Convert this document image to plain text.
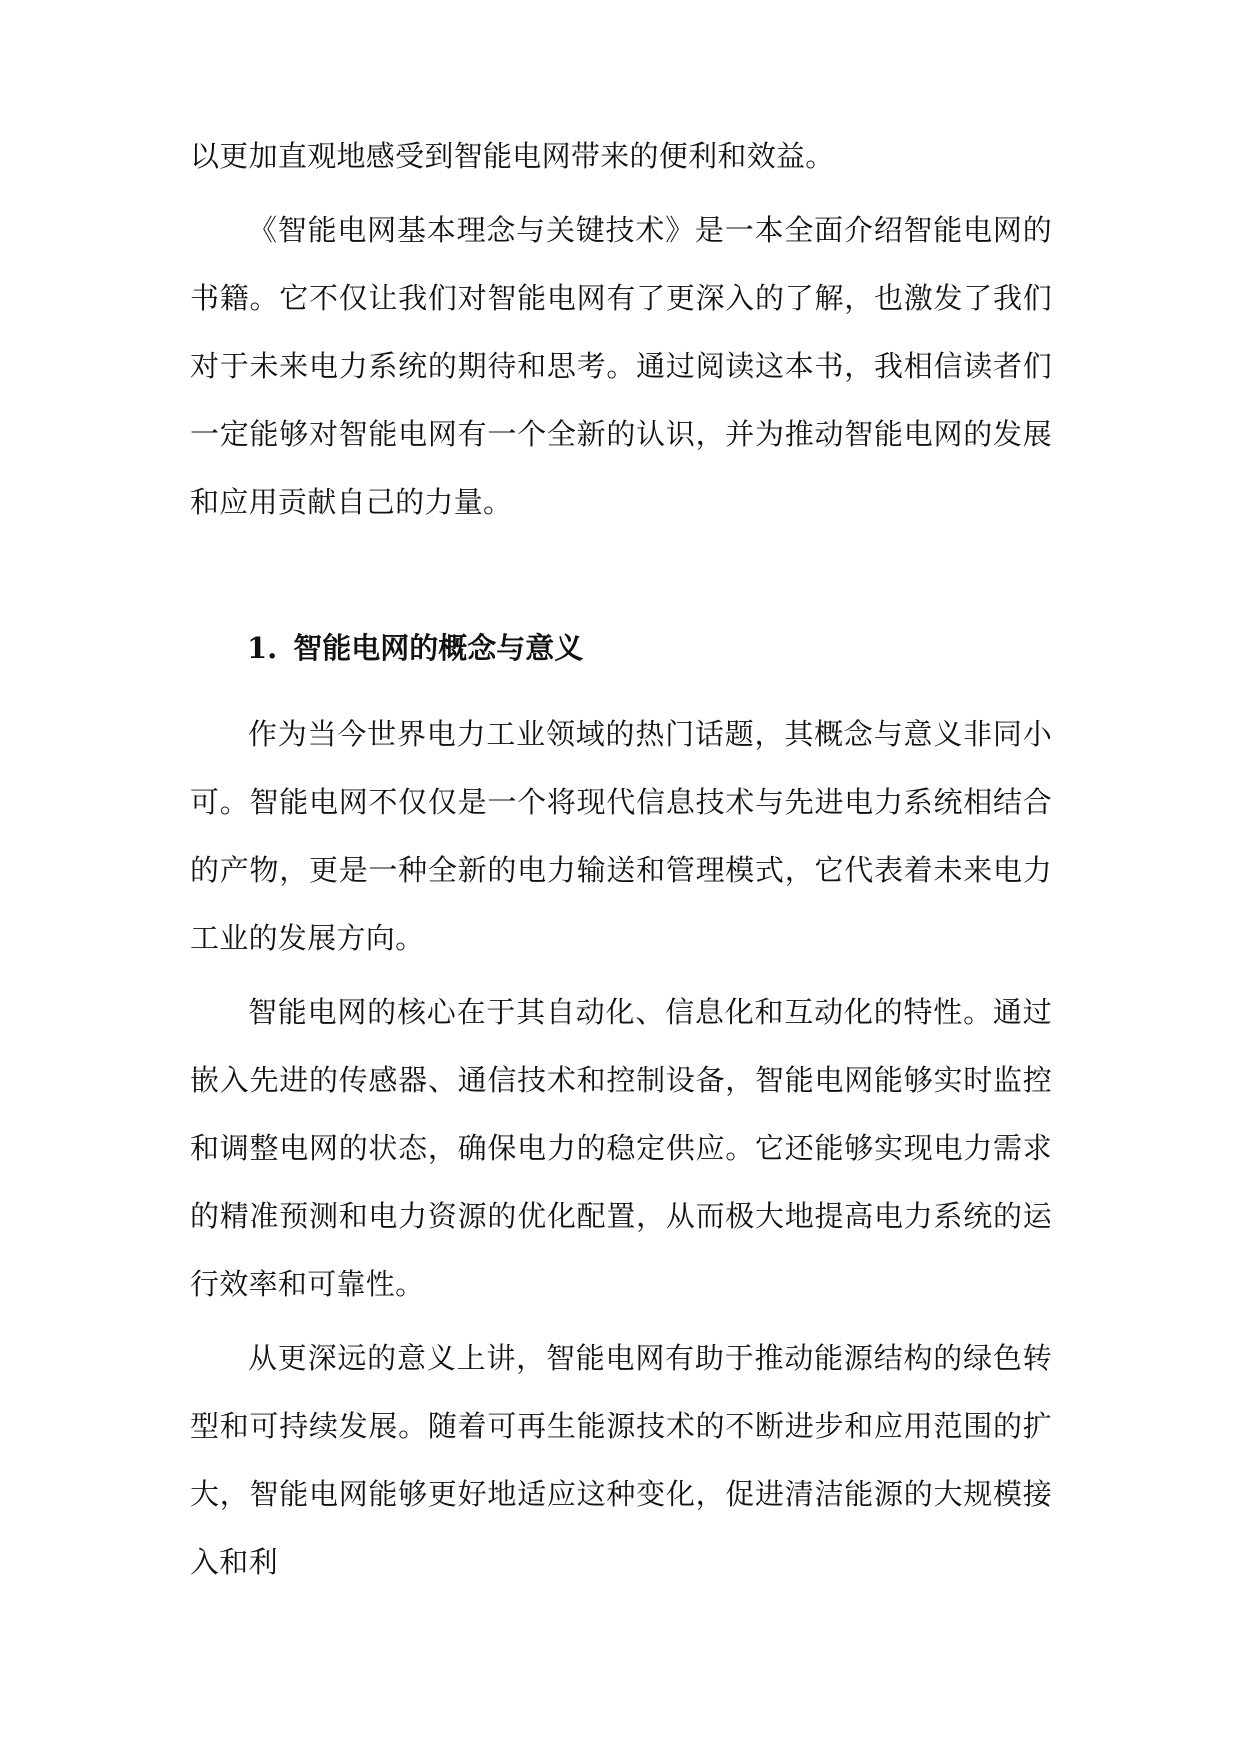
以更加直观地感受到智能电网带来的便利和效益。

《智能电网基本理念与关键技术》是一本全面介绍智能电网的书籍。它不仅让我们对智能电网有了更深入的了解，也激发了我们对于未来电力系统的期待和思考。通过阅读这本书，我相信读者们一定能够对智能电网有一个全新的认识，并为推动智能电网的发展和应用贡献自己的力量。

1. 智能电网的概念与意义

作为当今世界电力工业领域的热门话题，其概念与意义非同小可。智能电网不仅仅是一个将现代信息技术与先进电力系统相结合的产物，更是一种全新的电力输送和管理模式，它代表着未来电力工业的发展方向。

智能电网的核心在于其自动化、信息化和互动化的特性。通过嵌入先进的传感器、通信技术和控制设备，智能电网能够实时监控和调整电网的状态，确保电力的稳定供应。它还能够实现电力需求的精准预测和电力资源的优化配置，从而极大地提高电力系统的运行效率和可靠性。

从更深远的意义上讲，智能电网有助于推动能源结构的绿色转型和可持续发展。随着可再生能源技术的不断进步和应用范围的扩大，智能电网能够更好地适应这种变化，促进清洁能源的大规模接入和利
